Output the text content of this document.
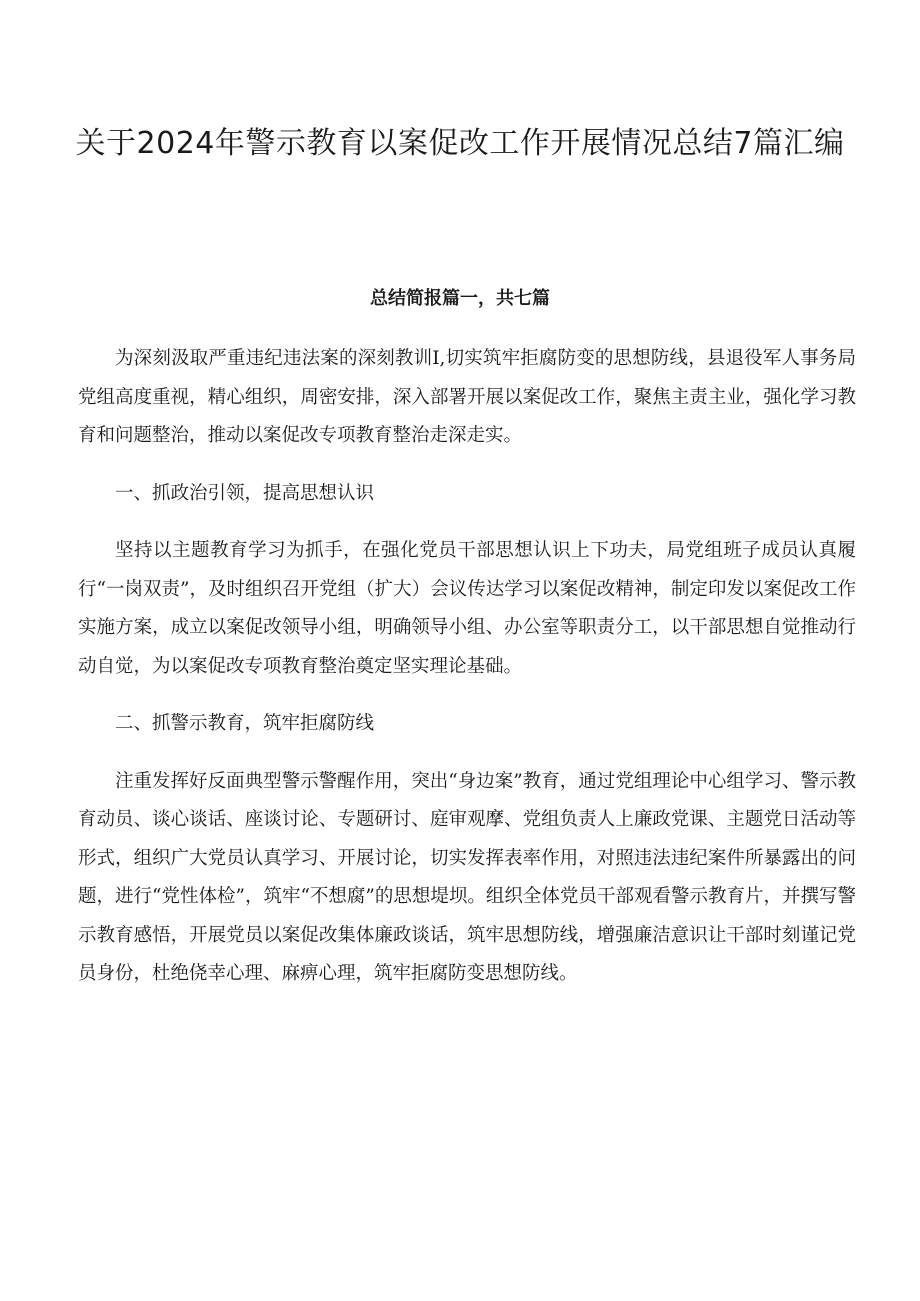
关于2024年警示教育以案促改工作开展情况总结7篇汇编
总结简报篇一，共七篇

为深刻汲取严重违纪违法案的深刻教训I,切实筑牢拒腐防变的思想防线，县退役军人事务局党组高度重视，精心组织，周密安排，深入部署开展以案促改工作，聚焦主责主业，强化学习教育和问题整治，推动以案促改专项教育整治走深走实。

一、抓政治引领，提高思想认识

坚持以主题教育学习为抓手，在强化党员干部思想认识上下功夫，局党组班子成员认真履行“一岗双责”，及时组织召开党组（扩大）会议传达学习以案促改精神，制定印发以案促改工作实施方案，成立以案促改领导小组，明确领导小组、办公室等职责分工，以干部思想自觉推动行动自觉，为以案促改专项教育整治奠定坚实理论基础。

二、抓警示教育，筑牢拒腐防线

注重发挥好反面典型警示警醒作用，突出“身边案”教育，通过党组理论中心组学习、警示教育动员、谈心谈话、座谈讨论、专题研讨、庭审观摩、党组负责人上廉政党课、主题党日活动等形式，组织广大党员认真学习、开展讨论，切实发挥表率作用，对照违法违纪案件所暴露出的问题，进行“党性体检”，筑牢“不想腐”的思想堤坝。组织全体党员干部观看警示教育片，并撰写警示教育感悟，开展党员以案促改集体廉政谈话，筑牢思想防线，增强廉洁意识让干部时刻谨记党员身份，杜绝侥幸心理、麻痹心理，筑牢拒腐防变思想防线。
